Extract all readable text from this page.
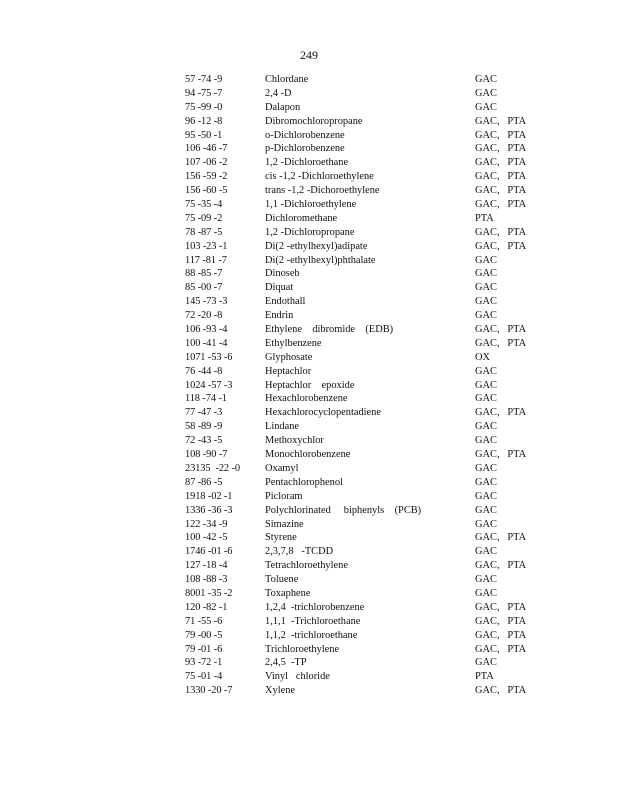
249
57 -74 -9	Chlordane	GAC
94 -75 -7	2,4 -D	GAC
75 -99 -0	Dalapon	GAC
96 -12 -8	Dibromochloropropane	GAC,   PTA
95 -50 -1	o-Dichlorobenzene	GAC,   PTA
106 -46 -7	p-Dichlorobenzene	GAC,   PTA
107 -06 -2	1,2 -Dichloroethane	GAC,   PTA
156 -59 -2	cis -1,2 -Dichloroethylene	GAC,   PTA
156 -60 -5	trans -1,2 -Dichoroethylene	GAC,   PTA
75 -35 -4	1,1 -Dichloroethylene	GAC,   PTA
75 -09 -2	Dichloromethane	PTA
78 -87 -5	1,2 -Dichloropropane	GAC,   PTA
103 -23 -1	Di(2 -ethylhexyl)adipate	GAC,   PTA
117 -81 -7	Di(2 -ethylhexyl)phthalate	GAC
88 -85 -7	Dinoseb	GAC
85 -00 -7	Diquat	GAC
145 -73 -3	Endothall	GAC
72 -20 -8	Endrin	GAC
106 -93 -4	Ethylene    dibromide    (EDB)	GAC,   PTA
100 -41 -4	Ethylbenzene	GAC,   PTA
1071 -53 -6	Glyphosate	OX
76 -44 -8	Heptachlor	GAC
1024 -57 -3	Heptachlor    epoxide	GAC
118 -74 -1	Hexachlorobenzene	GAC
77 -47 -3	Hexachlorocyclopentadiene	GAC,   PTA
58 -89 -9	Lindane	GAC
72 -43 -5	Methoxychlor	GAC
108 -90 -7	Monochlorobenzene	GAC,   PTA
23135  -22 -0	Oxamyl	GAC
87 -86 -5	Pentachlorophenol	GAC
1918 -02 -1	Picloram	GAC
1336 -36 -3	Polychlorinated     biphenyls    (PCB)	GAC
122 -34 -9	Simazine	GAC
100 -42 -5	Styrene	GAC,   PTA
1746 -01 -6	2,3,7,8   -TCDD	GAC
127 -18 -4	Tetrachloroethylene	GAC,   PTA
108 -88 -3	Toluene	GAC
8001 -35 -2	Toxaphene	GAC
120 -82 -1	1,2,4  -trichlorobenzene	GAC,   PTA
71 -55 -6	1,1,1  -Trichloroethane	GAC,   PTA
79 -00 -5	1,1,2  -trichloroethane	GAC,   PTA
79 -01 -6	Trichloroethylene	GAC,   PTA
93 -72 -1	2,4,5  -TP	GAC
75 -01 -4	Vinyl   chloride	PTA
1330 -20 -7	Xylene	GAC,   PTA
